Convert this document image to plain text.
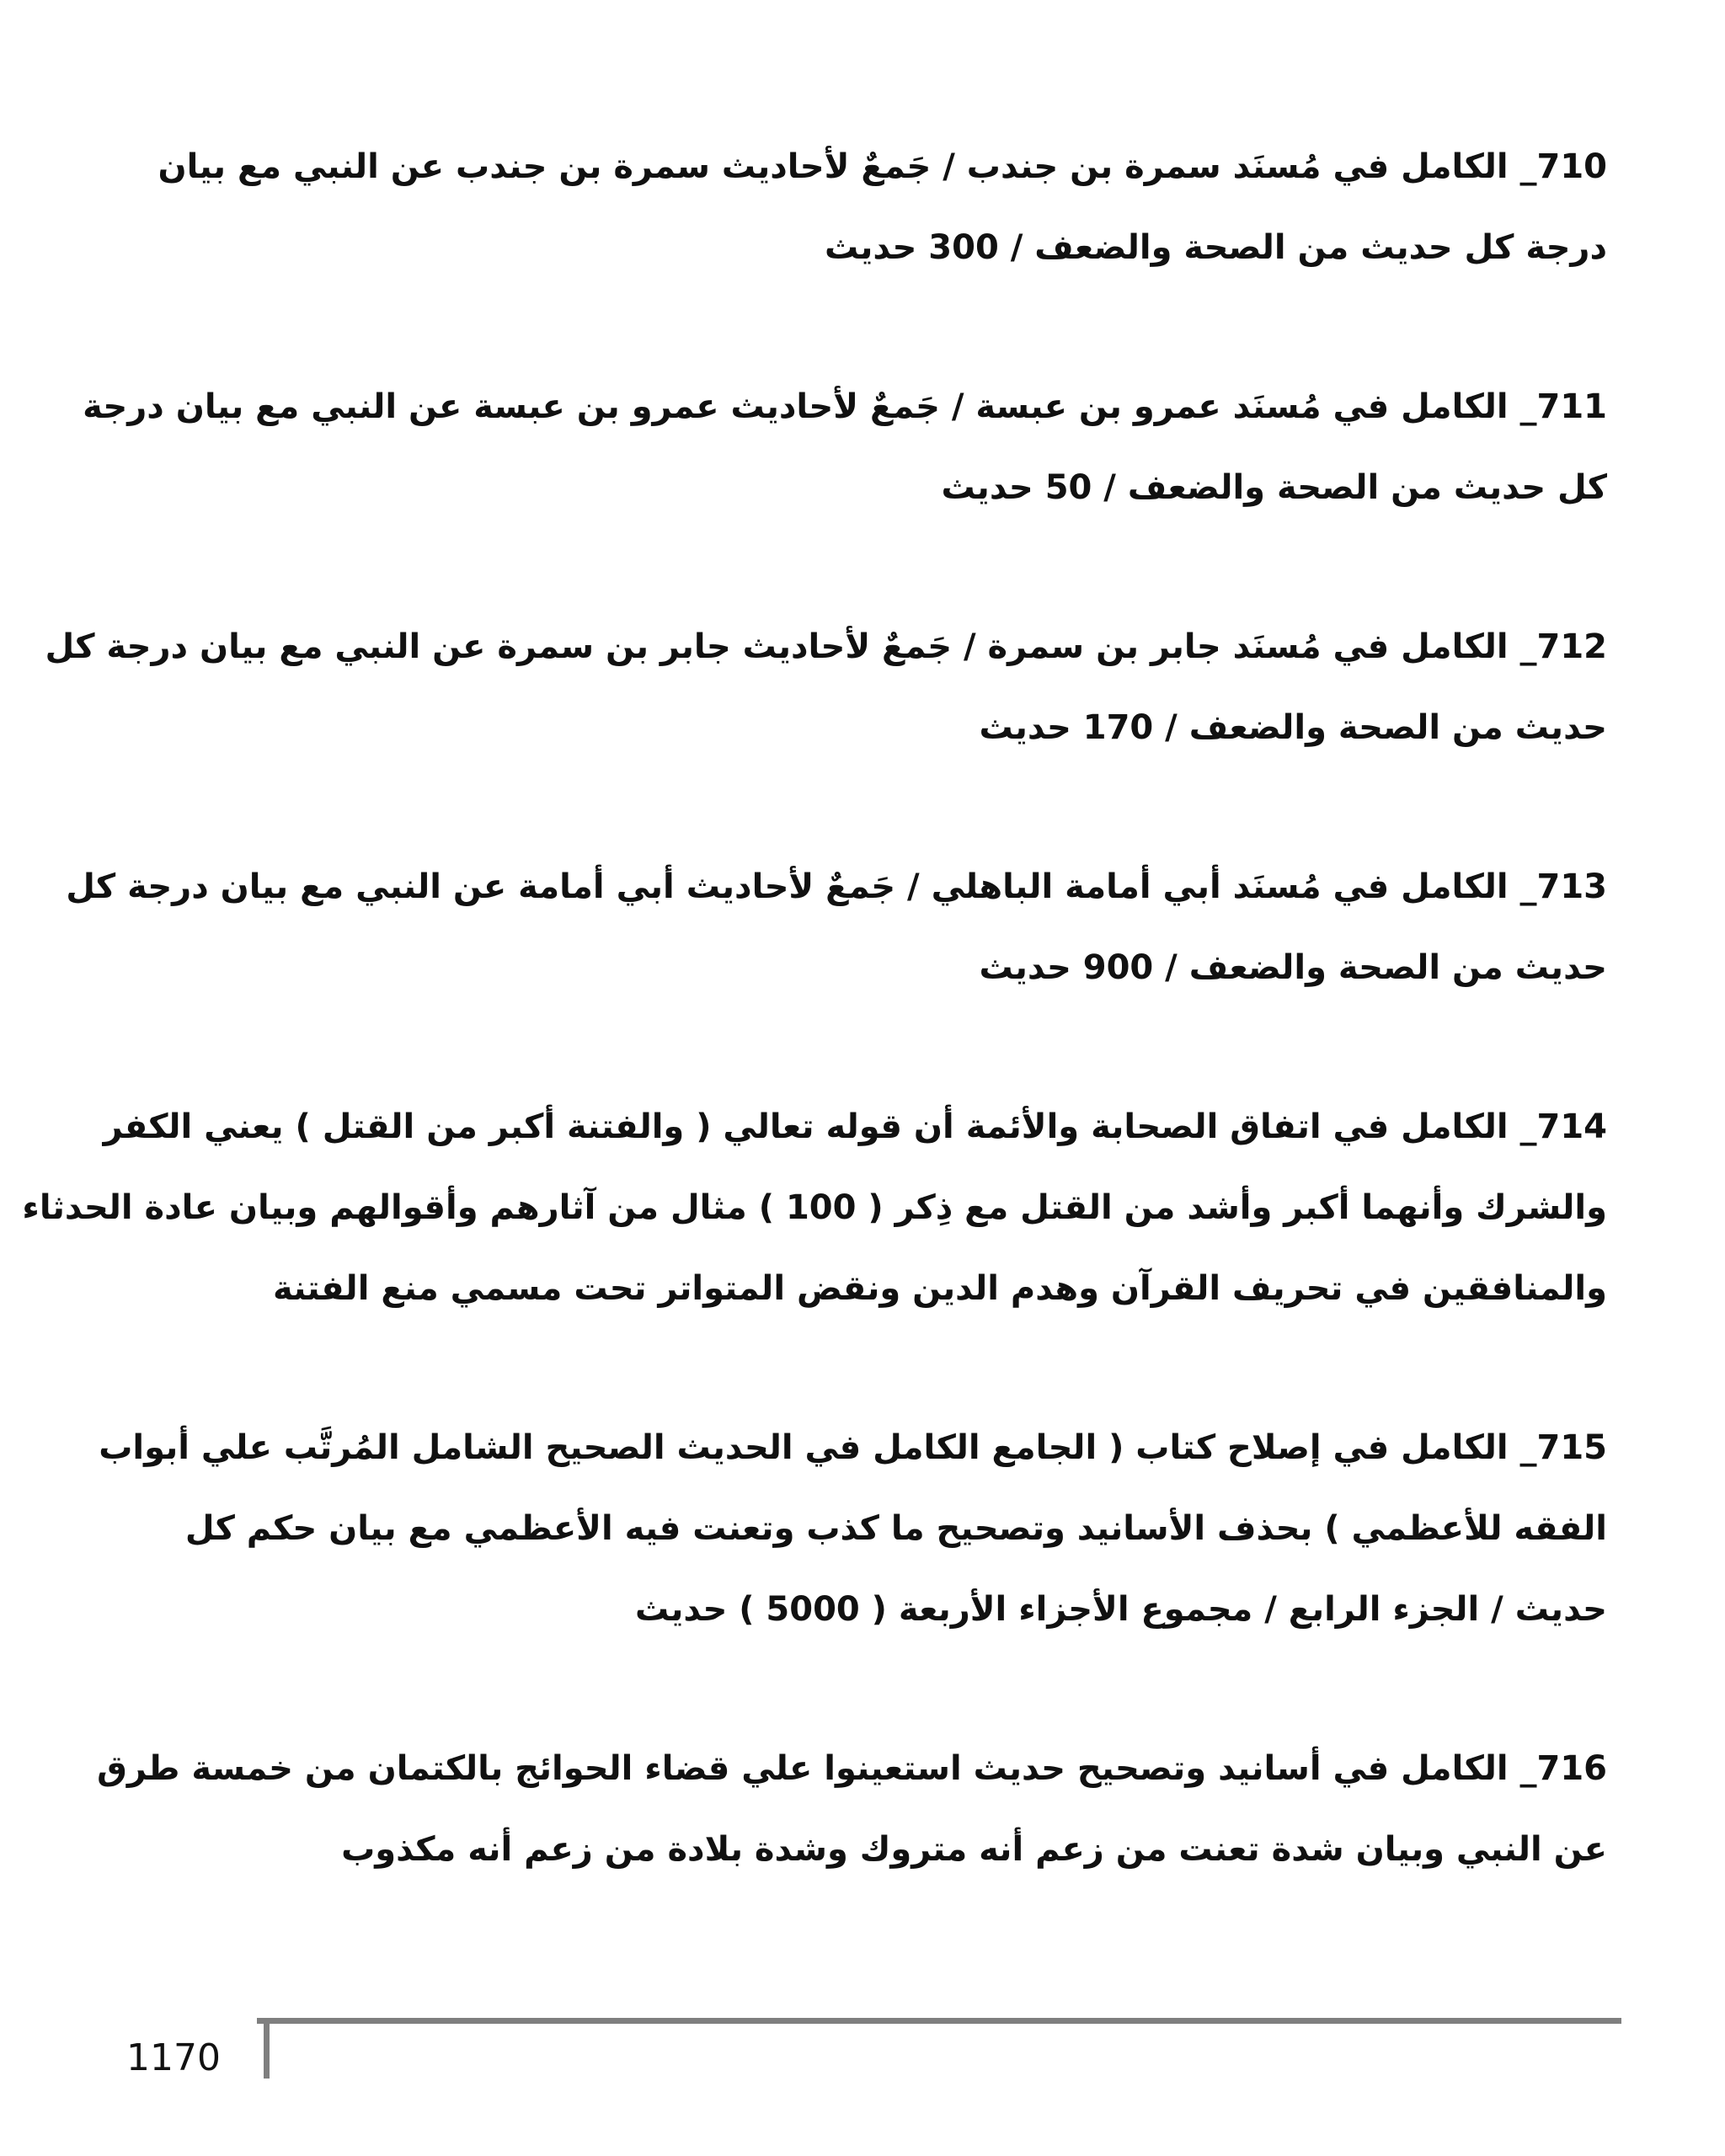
710_ الكامل في مُسنَد سمرة بن جندب / جَمعٌ لأحاديث سمرة بن جندب عن النبي مع بيان
درجة كل حديث من الصحة والضعف / 300 حديث

711_ الكامل في مُسنَد عمرو بن عبسة / جَمعٌ لأحاديث عمرو بن عبسة عن النبي مع بيان درجة
كل حديث من الصحة والضعف / 50 حديث

712_ الكامل في مُسنَد جابر بن سمرة / جَمعٌ لأحاديث جابر بن سمرة عن النبي مع بيان درجة كل
حديث من الصحة والضعف / 170 حديث

713_ الكامل في مُسنَد أبي أمامة الباهلي / جَمعٌ لأحاديث أبي أمامة عن النبي مع بيان درجة كل
حديث من الصحة والضعف / 900 حديث

714_ الكامل في اتفاق الصحابة والأئمة أن قوله تعالي ( والفتنة أكبر من القتل ) يعني الكفر
والشرك وأنهما أكبر وأشد من القتل مع ذِكر ( 100 ) مثال من آثارهم وأقوالهم وبيان عادة الحدثاء
والمنافقين في تحريف القرآن وهدم الدين ونقض المتواتر تحت مسمي منع الفتنة

715_ الكامل في إصلاح كتاب ( الجامع الكامل في الحديث الصحيح الشامل المُرتَّب علي أبواب
الفقه للأعظمي ) بحذف الأسانيد وتصحيح ما كذب وتعنت فيه الأعظمي مع بيان حكم كل
حديث / الجزء الرابع / مجموع الأجزاء الأربعة ( 5000 ) حديث

716_ الكامل في أسانيد وتصحيح حديث استعينوا علي قضاء الحوائج بالكتمان من خمسة طرق
عن النبي وبيان شدة تعنت من زعم أنه متروك وشدة بلادة من زعم أنه مكذوب

1170
